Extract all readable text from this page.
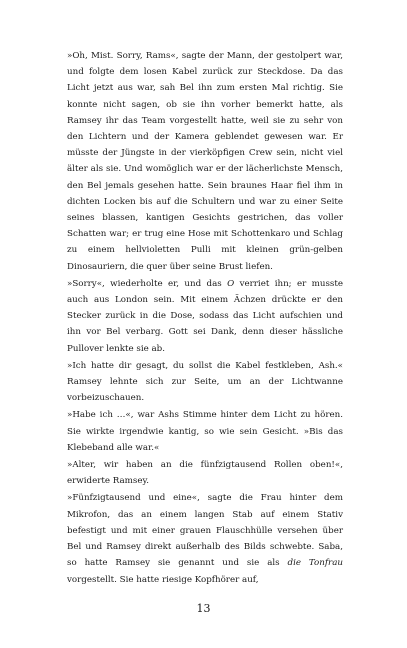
»Oh, Mist. Sorry, Rams«, sagte der Mann, der gestolpert war, und folgte dem losen Kabel zurück zur Steckdose. Da das Licht jetzt aus war, sah Bel ihn zum ersten Mal richtig. Sie konnte nicht sagen, ob sie ihn vorher bemerkt hatte, als Ramsey ihr das Team vorgestellt hatte, weil sie zu sehr von den Lichtern und der Kamera geblendet gewesen war. Er müsste der Jüngste in der vierköpfigen Crew sein, nicht viel älter als sie. Und womöglich war er der lächerlichste Mensch, den Bel jemals gesehen hatte. Sein braunes Haar fiel ihm in dichten Locken bis auf die Schultern und war zu einer Seite seines blassen, kantigen Gesichts gestrichen, das voller Schatten war; er trug eine Hose mit Schottenkaro und Schlag zu einem hellvioletten Pulli mit kleinen grün-gelben Dinosauriern, die quer über seine Brust liefen.

»Sorry«, wiederholte er, und das O verriet ihn; er musste auch aus London sein. Mit einem Ächzen drückte er den Stecker zurück in die Dose, sodass das Licht aufschien und ihn vor Bel verbarg. Gott sei Dank, denn dieser hässliche Pullover lenkte sie ab.

»Ich hatte dir gesagt, du sollst die Kabel festkleben, Ash.« Ramsey lehnte sich zur Seite, um an der Lichtwanne vorbeizuschauen.

»Habe ich …«, war Ashs Stimme hinter dem Licht zu hören. Sie wirkte irgendwie kantig, so wie sein Gesicht. »Bis das Klebeband alle war.«

»Alter, wir haben an die fünfzigtausend Rollen oben!«, erwiderte Ramsey.

»Fünfzigtausend und eine«, sagte die Frau hinter dem Mikrofon, das an einem langen Stab auf einem Stativ befestigt und mit einer grauen Flauschhülle versehen über Bel und Ramsey direkt außerhalb des Bilds schwebte. Saba, so hatte Ramsey sie genannt und sie als die Tonfrau vorgestellt. Sie hatte riesige Kopfhörer auf,

13
